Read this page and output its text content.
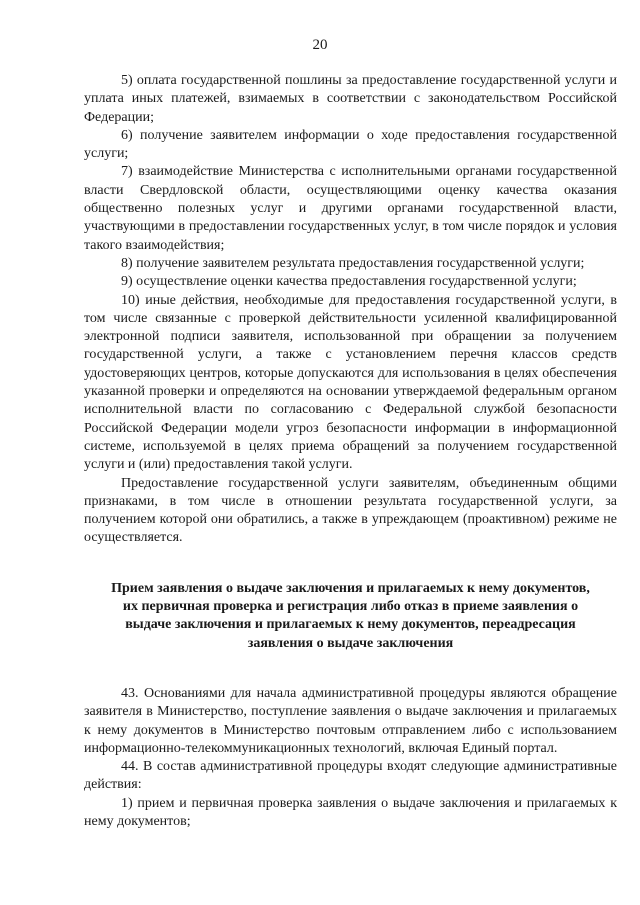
20

5) оплата государственной пошлины за предоставление государственной услуги и уплата иных платежей, взимаемых в соответствии с законодательством Российской Федерации;

6) получение заявителем информации о ходе предоставления государственной услуги;

7) взаимодействие Министерства с исполнительными органами государственной власти Свердловской области, осуществляющими оценку качества оказания общественно полезных услуг и другими органами государственной власти, участвующими в предоставлении государственных услуг, в том числе порядок и условия такого взаимодействия;

8) получение заявителем результата предоставления государственной услуги;

9) осуществление оценки качества предоставления государственной услуги;

10) иные действия, необходимые для предоставления государственной услуги, в том числе связанные с проверкой действительности усиленной квалифицированной электронной подписи заявителя, использованной при обращении за получением государственной услуги, а также с установлением перечня классов средств удостоверяющих центров, которые допускаются для использования в целях обеспечения указанной проверки и определяются на основании утверждаемой федеральным органом исполнительной власти по согласованию с Федеральной службой безопасности Российской Федерации модели угроз безопасности информации в информационной системе, используемой в целях приема обращений за получением государственной услуги и (или) предоставления такой услуги.

Предоставление государственной услуги заявителям, объединенным общими признаками, в том числе в отношении результата государственной услуги, за получением которой они обратились, а также в упреждающем (проактивном) режиме не осуществляется.

Прием заявления о выдаче заключения и прилагаемых к нему документов,
их первичная проверка и регистрация либо отказ в приеме заявления о
выдаче заключения и прилагаемых к нему документов, переадресация
заявления о выдаче заключения

43. Основаниями для начала административной процедуры являются обращение заявителя в Министерство, поступление заявления о выдаче заключения и прилагаемых к нему документов в Министерство почтовым отправлением либо с использованием информационно-телекоммуникационных технологий, включая Единый портал.

44. В состав административной процедуры входят следующие административные действия:

1) прием и первичная проверка заявления о выдаче заключения и прилагаемых к нему документов;
